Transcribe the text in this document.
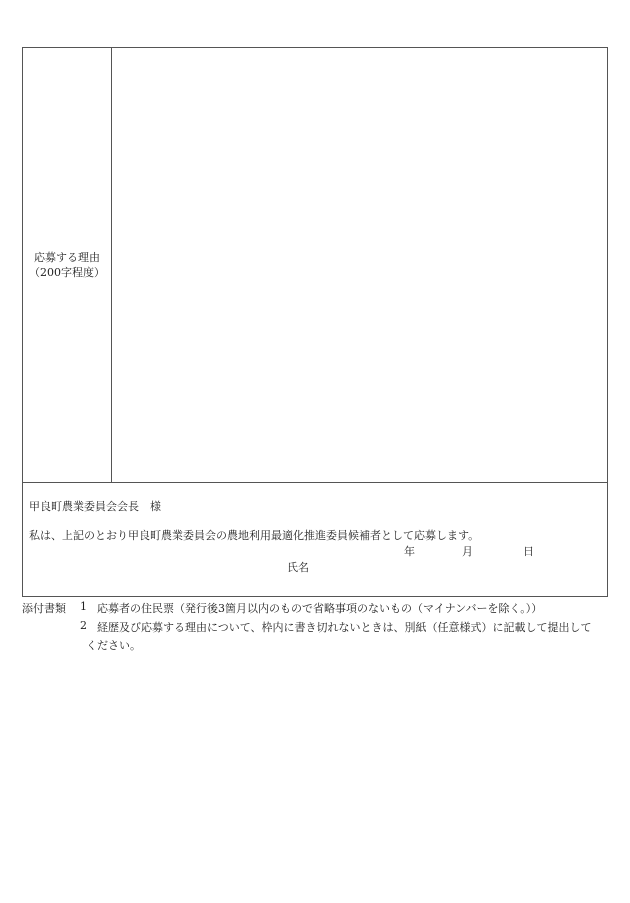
応募する理由
（200字程度）
甲良町農業委員会会長　様
私は、上記のとおり甲良町農業委員会の農地利用最適化推進委員候補者として応募します。
年	月	日
氏名
添付書類 1 応募者の住民票（発行後3箇月以内のもので省略事項のないもの（マイナンバーを除く。））
2 経歴及び応募する理由について、枠内に書き切れないときは、別紙（任意様式）に記載して提出して
ください。
